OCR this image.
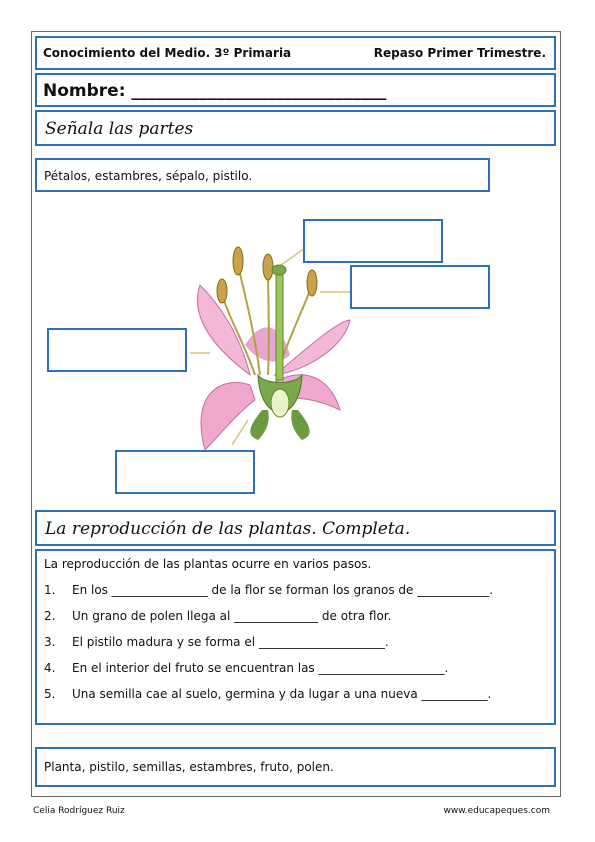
Conocimiento del Medio. 3º Primaria	Repaso Primer Trimestre.
Nombre: ______________________________
Señala las partes
Pétalos, estambres, sépalo, pistilo.
La reproducción de las plantas. Completa.
La reproducción de las plantas ocurre en varios pasos.
1. En los ________________ de la flor se forman los granos de ____________.
2. Un grano de polen llega al ______________ de otra flor.
3. El pistilo madura y se forma el _____________________.
4. En el interior del fruto se encuentran las _____________________.
5. Una semilla cae al suelo, germina y da lugar a una nueva ___________.
Planta, pistilo, semillas, estambres, fruto, polen.
Celia Rodríguez Ruiz	www.educapeques.com
